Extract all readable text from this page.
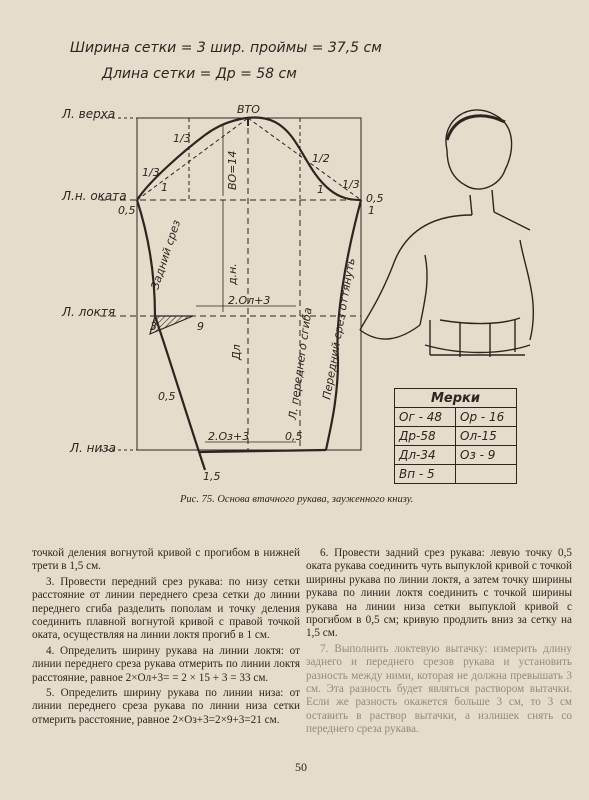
Ширина сетки = 3 шир. проймы = 37,5 см
Длина сетки = Др = 58 см
Л. верха
Л.н. оката
Л. локтя
Л. низа
ВТО
1/3
1/3
1/3
1/2
1	1
1
0,5
0,5
ВО=14
д.н.
Дл
2.Ол+3
3	9
0,5
2.Оз+3	0,5
1,5
Задний срез
Л. переднего сгиба Передний срез оттянуть	Мерки	
Ог - 48	Ор - 16
Др-58	Ол-15
Дл-34	Оз - 9
Вп - 5	
Рис. 75. Основа втачного рукава, зауженного книзу.

точкой деления вогнутой кривой с прогибом в нижней трети в 1,5 см.

3. Провести передний срез рукава: по низу сетки расстояние от линии переднего среза сетки до линии переднего сгиба разделить пополам и точку деления соединить плавной вогнутой кривой с правой точкой оката, осуществляя на линии локтя прогиб в 1 см.

4. Определить ширину рукава на линии локтя: от линии переднего среза рукава отмерить по линии локтя расстояние, равное 2×Ол+3= = 2 × 15 + 3 = 33 см.

5. Определить ширину рукава по линии низа: от линии переднего среза рукава по линии низа сетки отмерить расстояние, равное 2×Оз+3=2×9+3=21 см.

6. Провести задний срез рукава: левую точку 0,5 оката рукава соединить чуть выпуклой кривой с точкой ширины рукава по линии локтя, а затем точку ширины рукава по линии локтя соединить с точкой ширины рукава на линии низа сетки выпуклой кривой с прогибом в 0,5 см; кривую продлить вниз за сетку на 1,5 см.

7. Выполнить локтевую вытачку: измерить длину заднего и переднего срезов рукава и установить разность между ними, которая не должна превышать 3 см. Эта разность будет являться раствором вытачки. Если же разность окажется больше 3 см, то 3 см оставить в раствор вытачки, а излишек снять со переднего среза рукава.

50
